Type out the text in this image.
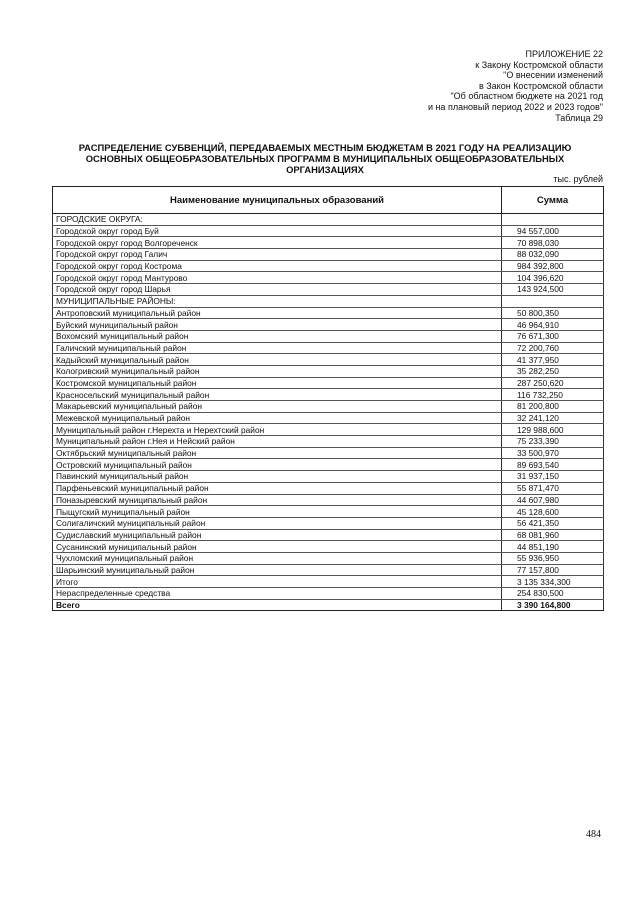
ПРИЛОЖЕНИЕ 22
к Закону Костромской области
"О внесении изменений
в Закон Костромской области
"Об областном бюджете на 2021 год
и на плановый период 2022 и 2023 годов"
Таблица 29
РАСПРЕДЕЛЕНИЕ СУБВЕНЦИЙ, ПЕРЕДАВАЕМЫХ МЕСТНЫМ БЮДЖЕТАМ В 2021 ГОДУ НА РЕАЛИЗАЦИЮ
ОСНОВНЫХ ОБЩЕОБРАЗОВАТЕЛЬНЫХ ПРОГРАММ В МУНИЦИПАЛЬНЫХ ОБЩЕОБРАЗОВАТЕЛЬНЫХ
ОРГАНИЗАЦИЯХ
тыс. рублей
Наименование муниципальных образований	Сумма
ГОРОДСКИЕ ОКРУГА:	
Городской округ город Буй	94 557,000
Городской округ город Волгореченск	70 898,030
Городской округ город Галич	88 032,090
Городской округ город Кострома	984 392,800
Городской округ город Мантурово	104 396,620
Городской округ город Шарья	143 924,500
МУНИЦИПАЛЬНЫЕ РАЙОНЫ:	
Антроповский муниципальный район	50 800,350
Буйский муниципальный район	46 964,910
Вохомский муниципальный район	76 671,300
Галичский муниципальный район	72 200,760
Кадыйский муниципальный район	41 377,950
Кологривский муниципальный район	35 282,250
Костромской муниципальный район	287 250,620
Красносельский муниципальный район	116 732,250
Макарьевский муниципальный район	81 200,800
Межевской муниципальный район	32 241,120
Муниципальный район г.Нерехта и Нерехтский район	129 988,600
Муниципальный район г.Нея и Нейский район	75 233,390
Октябрьский муниципальный район	33 500,970
Островский муниципальный район	89 693,540
Павинский муниципальный район	31 937,150
Парфеньевский муниципальный район	55 871,470
Поназыревский муниципальный район	44 607,980
Пыщугский муниципальный район	45 128,600
Солигаличский муниципальный район	56 421,350
Судиславский муниципальный район	68 081,960
Сусанинский муниципальный район	44 851,190
Чухломский муниципальный район	55 936,950
Шарьинский муниципальный район	77 157,800
Итого	3 135 334,300
Нераспределенные средства	254 830,500
Всего	3 390 164,800
484
